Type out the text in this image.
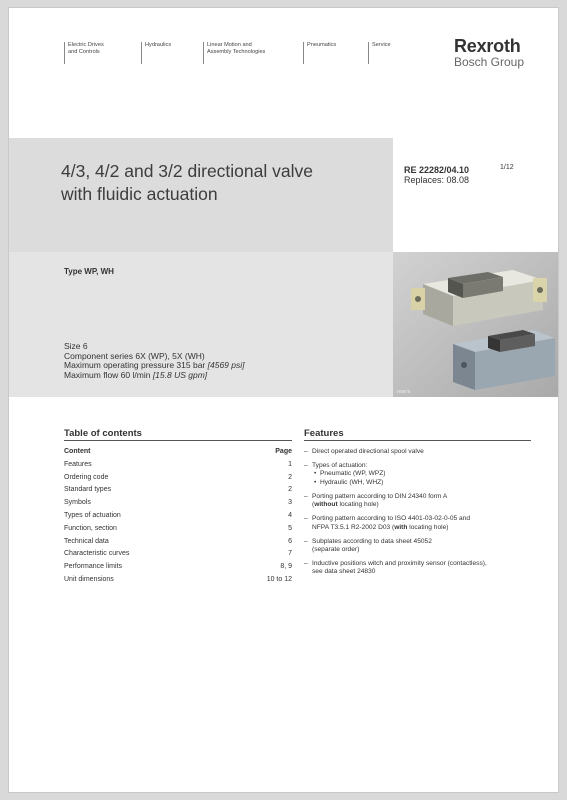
Electric Drives
and Controls
Hydraulics	Linear Motion and
Assembly Technologies
Pneumatics	Service	Rexroth
Bosch Group
4/3, 4/2 and 3/2 directional valve
with fluidic actuation
RE 22282/04.10
Replaces: 08.08
1/12
Type WP, WH
Size 6
Component series 6X (WP), 5X (WH)
Maximum operating pressure 315 bar [4569 psi]
Maximum flow 60 l/min [15.8 US gpm]
H5875
Table of contents	Features
Content	Page
Features	1
Ordering code	2
Standard types	2
Symbols	3
Types of actuation	4
Function, section	5
Technical data	6
Characteristic curves	7
Performance limits	8, 9
Unit dimensions	10 to 12
– Direct operated directional spool valve
– Types of actuation:
• Pneumatic (WP, WPZ)
• Hydraulic (WH, WHZ)
– Porting pattern according to DIN 24340 form A
(without locating hole)
– Porting pattern according to ISO 4401-03-02-0-05 and
NFPA T3.5.1 R2-2002 D03 (with locating hole)
– Subplates according to data sheet 45052
(separate order)
– Inductive positions witch and proximity sensor (contactless),
see data sheet 24830
